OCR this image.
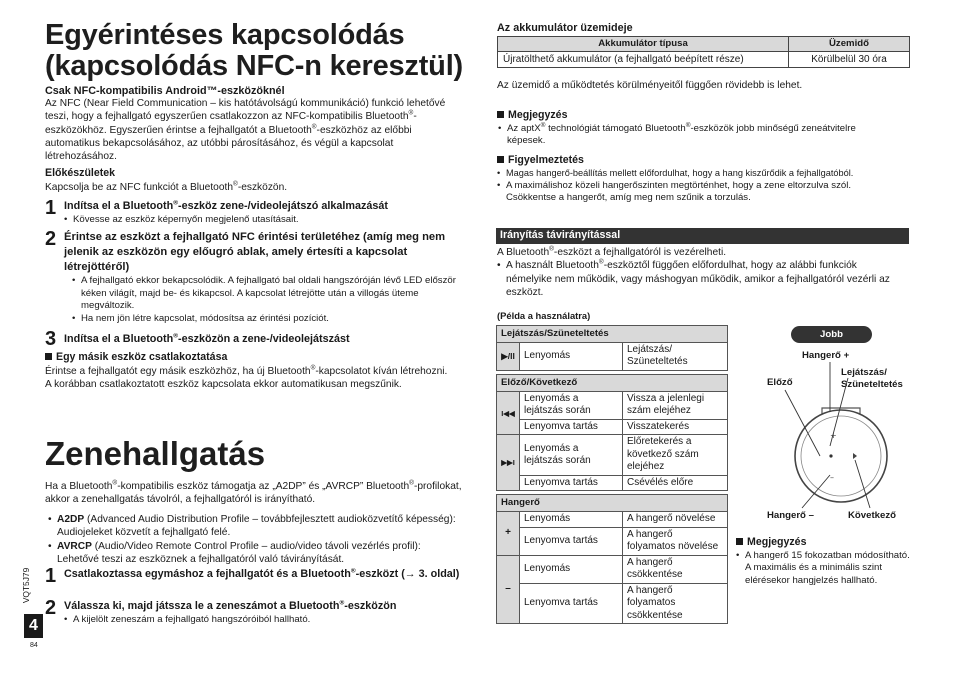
Egyérintéses kapcsolódás
(kapcsolódás NFC-n keresztül)
Csak NFC-kompatibilis Android™-eszközöknél
Az NFC (Near Field Communication – kis hatótávolságú kommunikáció) funkció lehetővé teszi, hogy a fejhallgató egyszerűen csatlakozzon az NFC-kompatibilis Bluetooth®-eszközökhöz. Egyszerűen érintse a fejhallgatót a Bluetooth®-eszközhöz az előbbi automatikus bekapcsolásához, az utóbbi párosításához, és végül a kapcsolat létrehozásához.
Előkészületek
Kapcsolja be az NFC funkciót a Bluetooth®-eszközön.
1 Indítsa el a Bluetooth®-eszköz zene-/videolejátszó alkalmazását
• Kövesse az eszköz képernyőn megjelenő utasításait.
2 Érintse az eszközt a fejhallgató NFC érintési területéhez (amíg meg nem jelenik az eszközön egy előugró ablak, amely értesíti a kapcsolat létrejöttéről)
• A fejhallgató ekkor bekapcsolódik. A fejhallgató bal oldali hangszóróján lévő LED először kéken világít, majd be- és kikapcsol. A kapcsolat létrejötte után a villogás üteme megváltozik.
• Ha nem jön létre kapcsolat, módosítsa az érintési pozíciót.
3 Indítsa el a Bluetooth®-eszközön a zene-/videolejátszást
Egy másik eszköz csatlakoztatása
Érintse a fejhallgatót egy másik eszközhöz, ha új Bluetooth®-kapcsolatot kíván létrehozni.
A korábban csatlakoztatott eszköz kapcsolata ekkor automatikusan megszűnik.
Zenehallgatás
Ha a Bluetooth®-kompatibilis eszköz támogatja az „A2DP” és „AVRCP” Bluetooth®-profilokat, akkor a zenehallgatás távolról, a fejhallgatóról is irányítható.
• A2DP (Advanced Audio Distribution Profile – továbbfejlesztett audioközvetítő képesség): Audiojeleket közvetít a fejhallgató felé.
• AVRCP (Audio/Video Remote Control Profile – audio/video távoli vezérlés profil): Lehetővé teszi az eszköznek a fejhallgatóról való távirányítását.
1 Csatlakoztassa egymáshoz a fejhallgatót és a Bluetooth®-eszközt (→ 3. oldal)
2 Válassza ki, majd játssza le a zeneszámot a Bluetooth®-eszközön
• A kijelölt zeneszám a fejhallgató hangszóróiból hallható.
VQT5J79
4
84
Az akkumulátor üzemideje
Akkumulátor típusa	Üzemidő
Újratölthető akkumulátor (a fejhallgató beépített része)	Körülbelül 30 óra
Az üzemidő a működtetés körülményeitől függően rövidebb is lehet.
Megjegyzés
• Az aptX® technológiát támogató Bluetooth®-eszközök jobb minőségű zeneátvitelre képesek.
Figyelmeztetés
• Magas hangerő-beállítás mellett előfordulhat, hogy a hang kiszűrődik a fejhallgatóból.
• A maximálishoz közeli hangerőszinten megtörténhet, hogy a zene eltorzulva szól. Csökkentse a hangerőt, amíg meg nem szűnik a torzulás.
Irányítás távirányítással
A Bluetooth®-eszközt a fejhallgatóról is vezérelheti.
• A használt Bluetooth®-eszköztől függően előfordulhat, hogy az alábbi funkciók némelyike nem működik, vagy máshogyan működik, amikor a fejhallgatóról vezérli az eszközt.
(Példa a használatra)
Lejátszás/Szüneteltetés		
▶/II	Lenyomás	Lejátszás/ Szüneteltetés

Előző/Következő		
I◀◀	Lenyomás a lejátszás során	Vissza a jelenlegi szám elejéhez
	Lenyomva tartás	Visszatekerés
▶▶I	Lenyomás a lejátszás során	Előretekerés a következő szám elejéhez
	Lenyomva tartás	Csévélés előre

Hangerő		
+	Lenyomás	A hangerő növelése
	Lenyomva tartás	A hangerő folyamatos növelése
–	Lenyomás	A hangerő csökkentése
	Lenyomva tartás	A hangerő folyamatos csökkentése
Jobb
Hangerő +
Lejátszás/
Szüneteltetés
Előző
Hangerő –	Következő
+
–
Megjegyzés
• A hangerő 15 fokozatban módosítható.
A maximális és a minimális szint elérésekor hangjelzés hallható.
